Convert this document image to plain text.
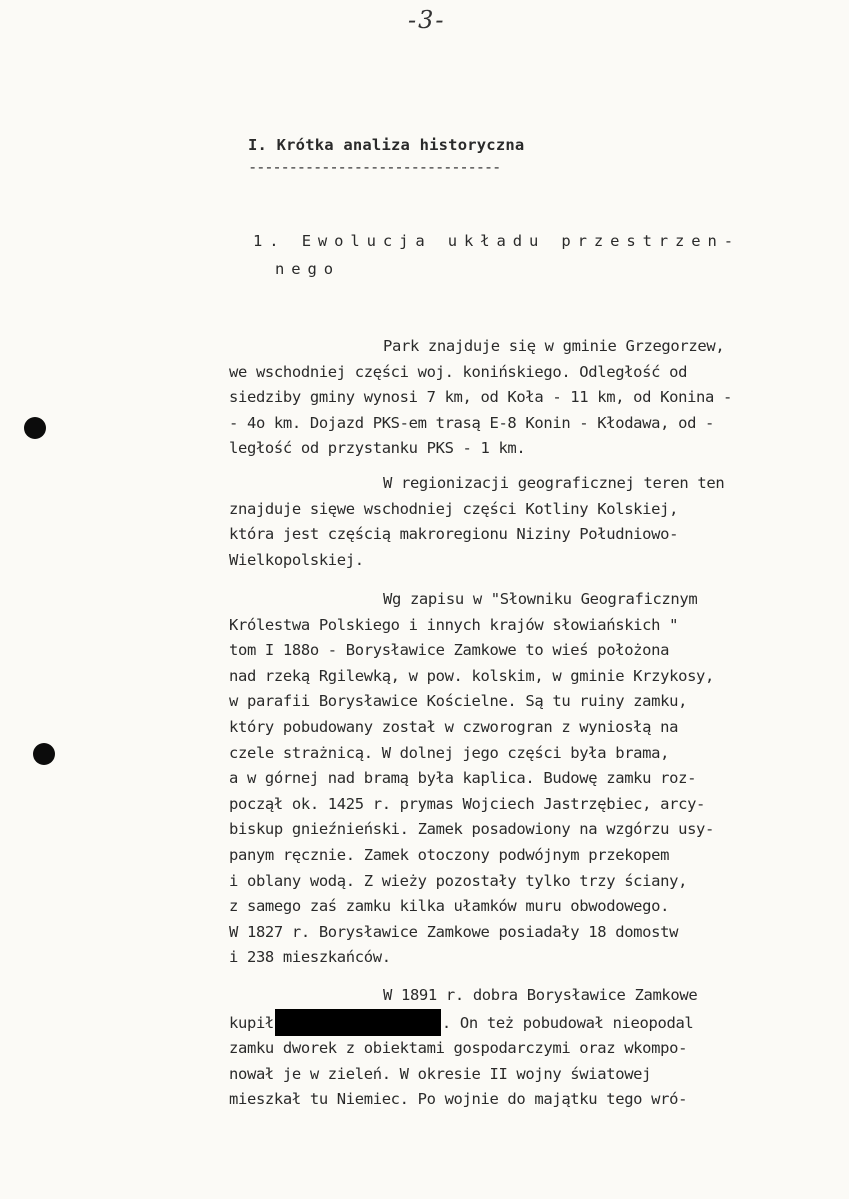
-3-
I. Krótka analiza historyczna
-------------------------------
1. Ewolucja układu przestrzen-
nego
Park znajduje się w gminie Grzegorzew,
we wschodniej części woj. konińskiego. Odległość od
siedziby gminy wynosi 7 km, od Koła - 11 km, od Konina -
- 4o km. Dojazd PKS-em trasą E-8 Konin - Kłodawa, od -
ległość od przystanku PKS - 1 km.
W regionizacji geograficznej teren ten
znajduje sięwe wschodniej części Kotliny Kolskiej,
która jest częścią makroregionu Niziny Południowo-
Wielkopolskiej.
Wg zapisu w "Słowniku Geograficznym
Królestwa Polskiego i innych krajów słowiańskich "
tom I 188o - Borysławice Zamkowe to wieś położona
nad rzeką Rgilewką, w pow. kolskim, w gminie Krzykosy,
w parafii Borysławice Kościelne. Są tu ruiny zamku,
który pobudowany został w czworogran z wyniosłą na
czele strażnicą. W dolnej jego części była brama,
a w górnej nad bramą była kaplica. Budowę zamku roz-
począł ok. 1425 r. prymas Wojciech Jastrzębiec, arcy-
biskup gnieźnieński. Zamek posadowiony na wzgórzu usy-
panym ręcznie. Zamek otoczony podwójnym przekopem
i oblany wodą. Z wieży pozostały tylko trzy ściany,
z samego zaś zamku kilka ułamków muru obwodowego.
W 1827 r. Borysławice Zamkowe posiadały 18 domostw
i 238 mieszkańców.
W 1891 r. dobra Borysławice Zamkowe
kupił	. On też pobudował nieopodal
zamku dworek z obiektami gospodarczymi oraz wkompo-
nował je w zieleń. W okresie II wojny światowej
mieszkał tu Niemiec. Po wojnie do majątku tego wró-
